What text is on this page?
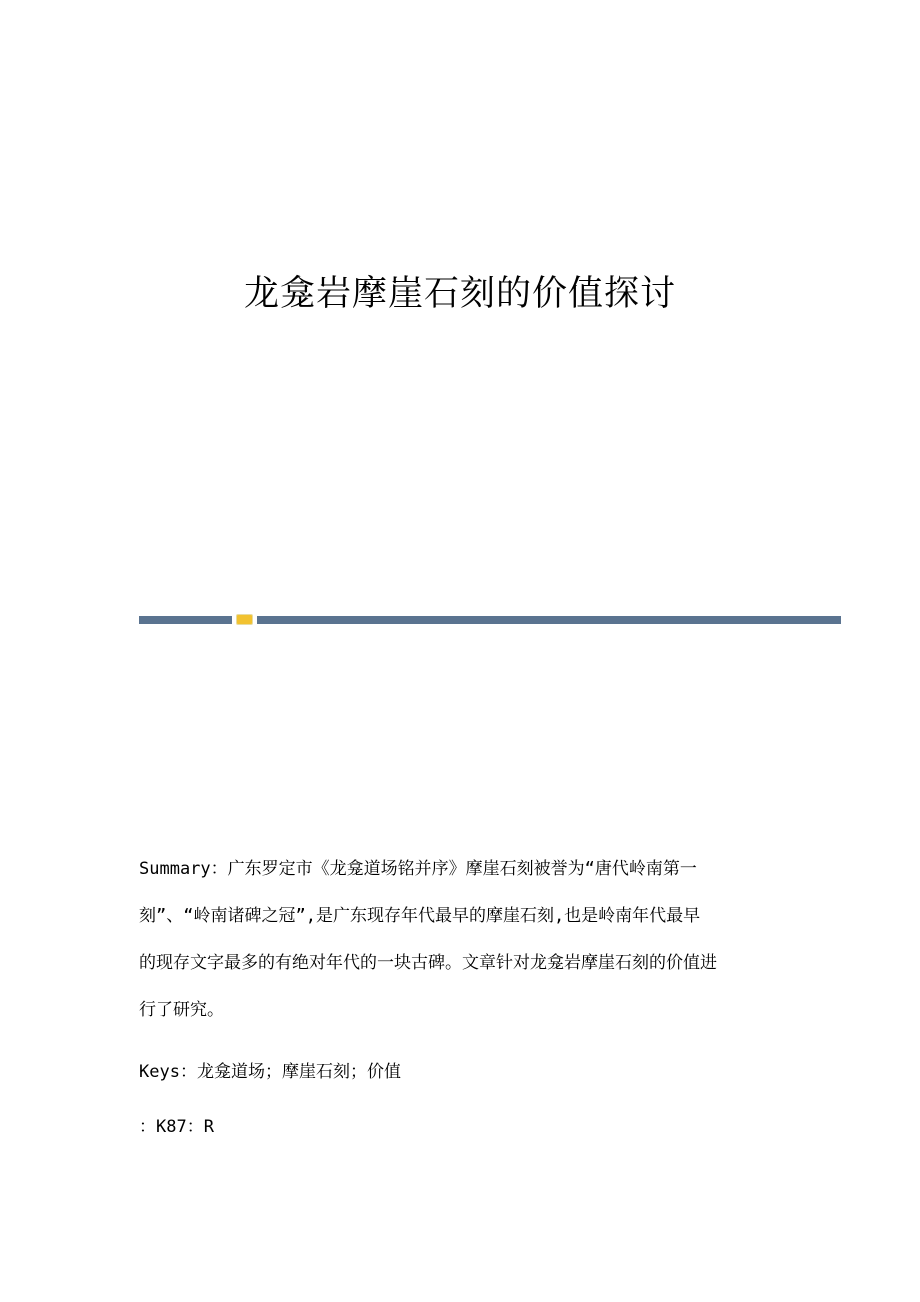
龙龛岩摩崖石刻的价值探讨
Summary：广东罗定市《龙龛道场铭并序》摩崖石刻被誉为“唐代岭南第一
刻”、“岭南诸碑之冠”,是广东现存年代最早的摩崖石刻,也是岭南年代最早
的现存文字最多的有绝对年代的一块古碑。文章针对龙龛岩摩崖石刻的价值进
行了研究。
Keys：龙龛道场；摩崖石刻；价值
：K87：R
